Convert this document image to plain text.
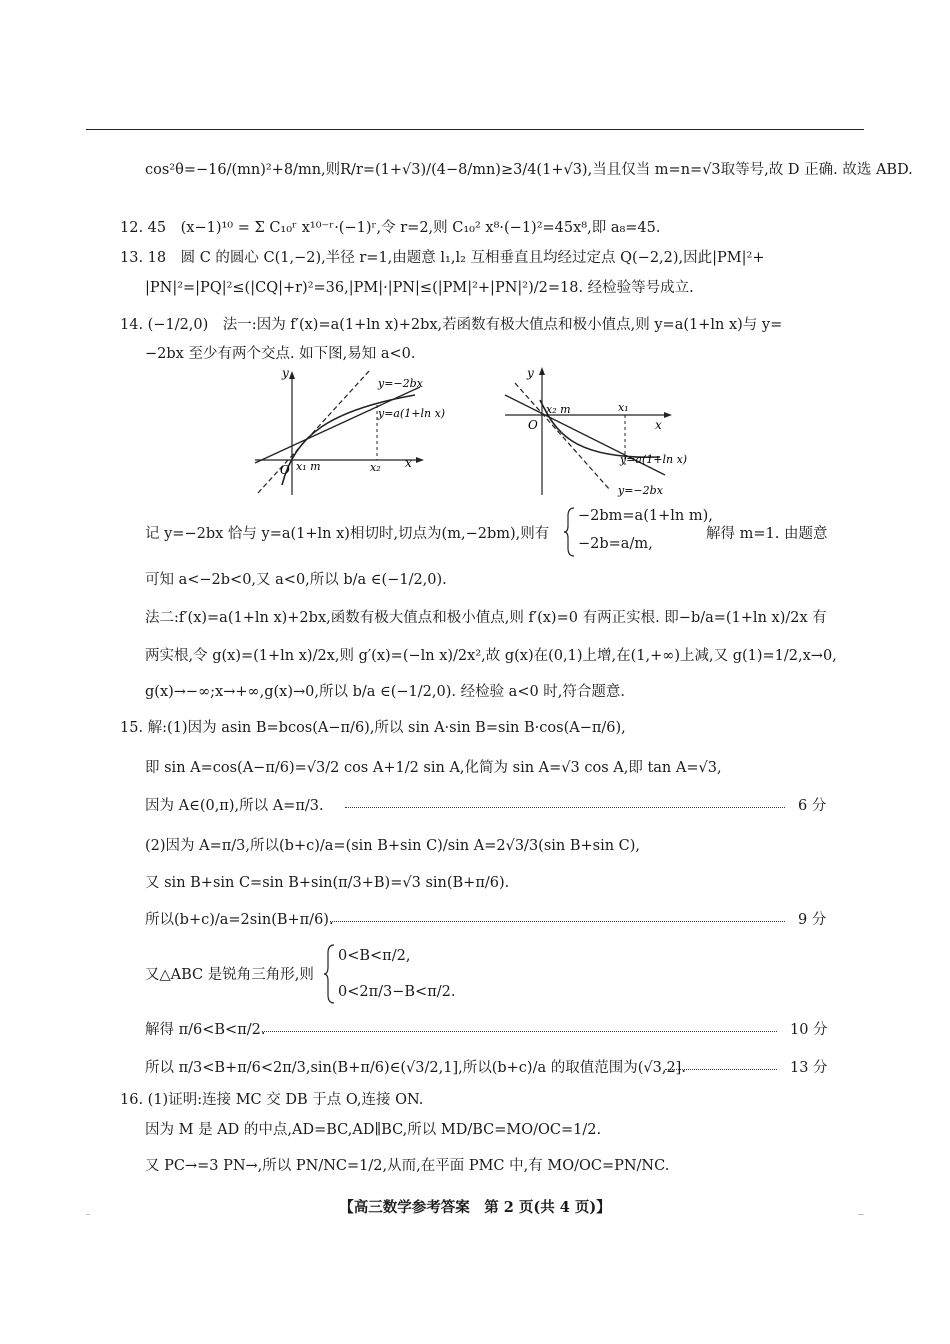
cos²θ=−16/(mn)²+8/mn,则R/r=(1+√3)/(4−8/mn)≥3/4(1+√3),当且仅当 m=n=√3取等号,故 D 正确. 故选 ABD.
12. 45　(x−1)¹⁰ = Σ C₁₀ʳ x¹⁰⁻ʳ·(−1)ʳ,令 r=2,则 C₁₀² x⁸·(−1)²=45x⁸,即 a₈=45.
13. 18　圆 C 的圆心 C(1,−2),半径 r=1,由题意 l₁,l₂ 互相垂直且均经过定点 Q(−2,2),因此|PM|²+
|PN|²=|PQ|²≤(|CQ|+r)²=36,|PM|·|PN|≤(|PM|²+|PN|²)/2=18. 经检验等号成立.
14. (−1/2,0)　法一:因为 f′(x)=a(1+ln x)+2bx,若函数有极大值点和极小值点,则 y=a(1+ln x)与 y=
−2bx 至少有两个交点. 如下图,易知 a<0.
y
x
O x₁ m	x₂
y=−2bx
y=a(1+ln x)
y
x
O
x₂ m	x₁
y=−2bx
y=a(1+ln x)
记 y=−2bx 恰与 y=a(1+ln x)相切时,切点为(m,−2bm),则有
−2bm=a(1+ln m),
−2b=a/m,
解得 m=1. 由题意
可知 a<−2b<0,又 a<0,所以 b/a ∈(−1/2,0).
法二:f′(x)=a(1+ln x)+2bx,函数有极大值点和极小值点,则 f′(x)=0 有两正实根. 即−b/a=(1+ln x)/2x 有
两实根,令 g(x)=(1+ln x)/2x,则 g′(x)=(−ln x)/2x²,故 g(x)在(0,1)上增,在(1,+∞)上减,又 g(1)=1/2,x→0,
g(x)→−∞;x→+∞,g(x)→0,所以 b/a ∈(−1/2,0). 经检验 a<0 时,符合题意.
15. 解:(1)因为 asin B=bcos(A−π/6),所以 sin A·sin B=sin B·cos(A−π/6),
即 sin A=cos(A−π/6)=√3/2 cos A+1/2 sin A,化简为 sin A=√3 cos A,即 tan A=√3,
因为 A∈(0,π),所以 A=π/3.	6 分
(2)因为 A=π/3,所以(b+c)/a=(sin B+sin C)/sin A=2√3/3(sin B+sin C),
又 sin B+sin C=sin B+sin(π/3+B)=√3 sin(B+π/6).
所以(b+c)/a=2sin(B+π/6).	9 分
又△ABC 是锐角三角形,则
0<B<π/2,
0<2π/3−B<π/2.
解得 π/6<B<π/2.	10 分
所以 π/3<B+π/6<2π/3,sin(B+π/6)∈(√3/2,1],所以(b+c)/a 的取值范围为(√3,2].	13 分
16. (1)证明:连接 MC 交 DB 于点 O,连接 ON.
因为 M 是 AD 的中点,AD=BC,AD∥BC,所以 MD/BC=MO/OC=1/2.
又 PC→=3 PN→,所以 PN/NC=1/2,从而,在平面 PMC 中,有 MO/OC=PN/NC.
【高三数学参考答案　第 2 页(共 4 页)】
